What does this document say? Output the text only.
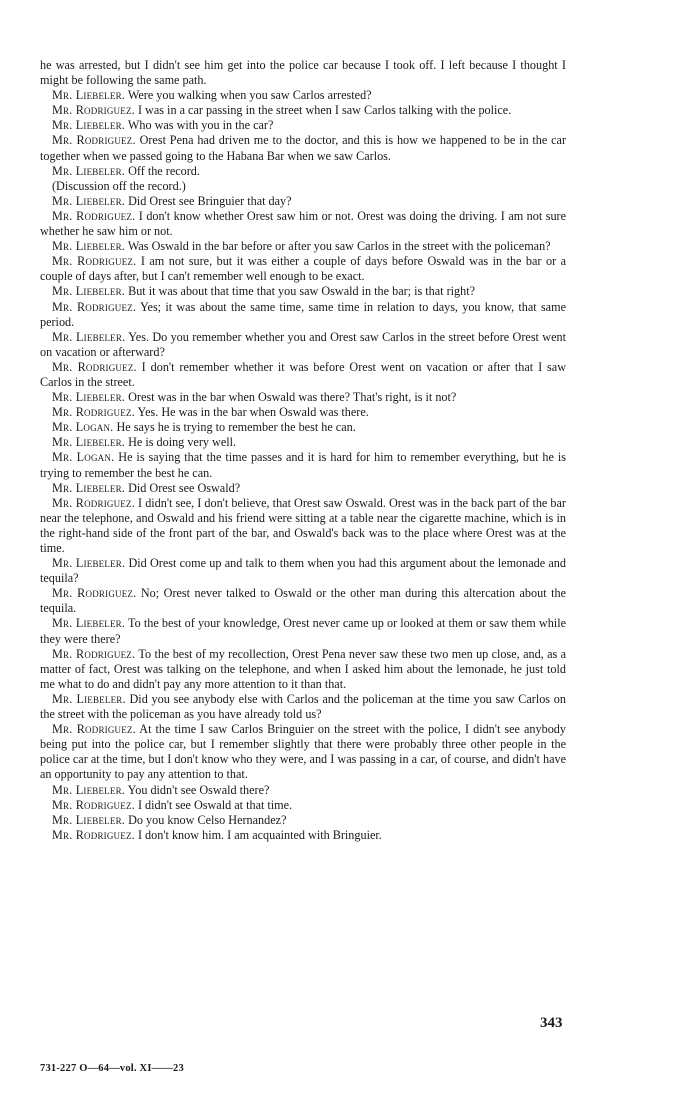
he was arrested, but I didn't see him get into the police car because I took off. I left because I thought I might be following the same path.

Mr. Liebeler. Were you walking when you saw Carlos arrested?

Mr. Rodriguez. I was in a car passing in the street when I saw Carlos talking with the police.

Mr. Liebeler. Who was with you in the car?

Mr. Rodriguez. Orest Pena had driven me to the doctor, and this is how we happened to be in the car together when we passed going to the Habana Bar when we saw Carlos.

Mr. Liebeler. Off the record.

(Discussion off the record.)

Mr. Liebeler. Did Orest see Bringuier that day?

Mr. Rodriguez. I don't know whether Orest saw him or not. Orest was doing the driving. I am not sure whether he saw him or not.

Mr. Liebeler. Was Oswald in the bar before or after you saw Carlos in the street with the policeman?

Mr. Rodriguez. I am not sure, but it was either a couple of days before Oswald was in the bar or a couple of days after, but I can't remember well enough to be exact.

Mr. Liebeler. But it was about that time that you saw Oswald in the bar; is that right?

Mr. Rodriguez. Yes; it was about the same time, same time in relation to days, you know, that same period.

Mr. Liebeler. Yes. Do you remember whether you and Orest saw Carlos in the street before Orest went on vacation or afterward?

Mr. Rodriguez. I don't remember whether it was before Orest went on vacation or after that I saw Carlos in the street.

Mr. Liebeler. Orest was in the bar when Oswald was there? That's right, is it not?

Mr. Rodriguez. Yes. He was in the bar when Oswald was there.

Mr. Logan. He says he is trying to remember the best he can.

Mr. Liebeler. He is doing very well.

Mr. Logan. He is saying that the time passes and it is hard for him to remember everything, but he is trying to remember the best he can.

Mr. Liebeler. Did Orest see Oswald?

Mr. Rodriguez. I didn't see, I don't believe, that Orest saw Oswald. Orest was in the back part of the bar near the telephone, and Oswald and his friend were sitting at a table near the cigarette machine, which is in the right-hand side of the front part of the bar, and Oswald's back was to the place where Orest was at the time.

Mr. Liebeler. Did Orest come up and talk to them when you had this argument about the lemonade and tequila?

Mr. Rodriguez. No; Orest never talked to Oswald or the other man during this altercation about the tequila.

Mr. Liebeler. To the best of your knowledge, Orest never came up or looked at them or saw them while they were there?

Mr. Rodriguez. To the best of my recollection, Orest Pena never saw these two men up close, and, as a matter of fact, Orest was talking on the telephone, and when I asked him about the lemonade, he just told me what to do and didn't pay any more attention to it than that.

Mr. Liebeler. Did you see anybody else with Carlos and the policeman at the time you saw Carlos on the street with the policeman as you have already told us?

Mr. Rodriguez. At the time I saw Carlos Bringuier on the street with the police, I didn't see anybody being put into the police car, but I remember slightly that there were probably three other people in the police car at the time, but I don't know who they were, and I was passing in a car, of course, and didn't have an opportunity to pay any attention to that.

Mr. Liebeler. You didn't see Oswald there?

Mr. Rodriguez. I didn't see Oswald at that time.

Mr. Liebeler. Do you know Celso Hernandez?

Mr. Rodriguez. I don't know him. I am acquainted with Bringuier.

343
731-227 O—64—vol. XI——23
